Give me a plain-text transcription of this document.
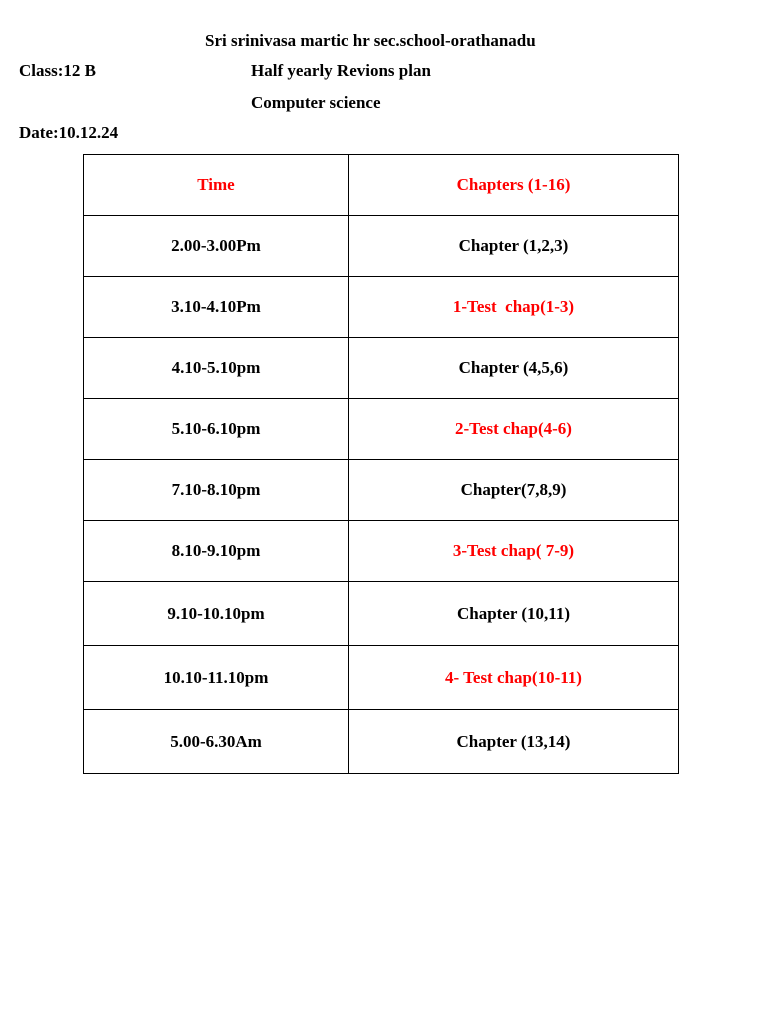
Sri srinivasa martic hr sec.school-orathanadu
Class:12 B	Half yearly Revions plan
Computer science
Date:10.12.24
Time	Chapters (1-16)
2.00-3.00Pm	Chapter (1,2,3)
3.10-4.10Pm	1-Test  chap(1-3)
4.10-5.10pm	Chapter (4,5,6)
5.10-6.10pm	2-Test chap(4-6)
7.10-8.10pm	Chapter(7,8,9)
8.10-9.10pm	3-Test chap( 7-9)
9.10-10.10pm	Chapter (10,11)
10.10-11.10pm	4- Test chap(10-11)
5.00-6.30Am	Chapter (13,14)
